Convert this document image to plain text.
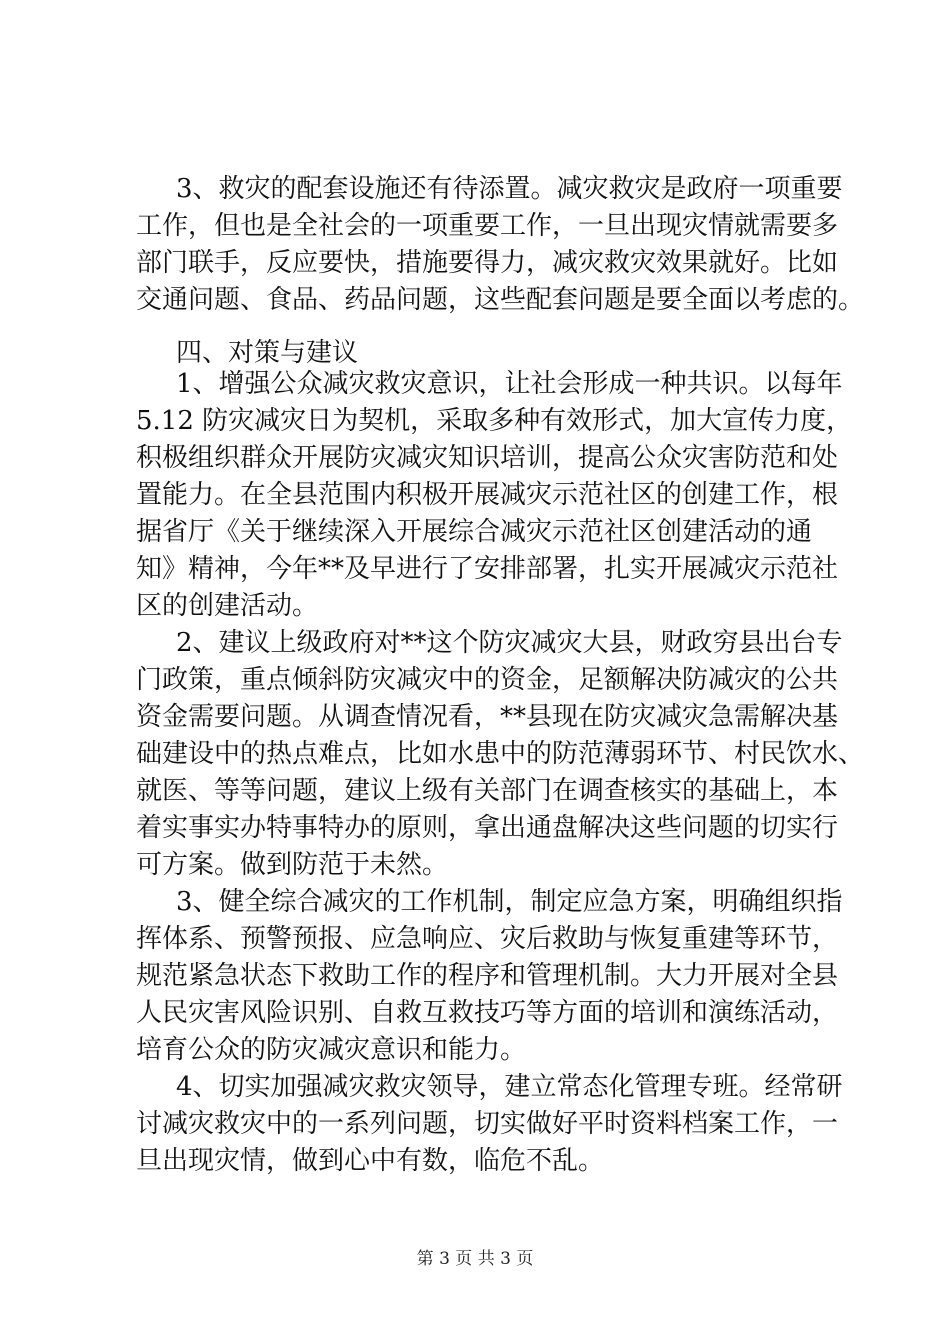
3、救灾的配套设施还有待添置。减灾救灾是政府一项重要
工作，但也是全社会的一项重要工作，一旦出现灾情就需要多
部门联手，反应要快，措施要得力，减灾救灾效果就好。比如
交通问题、食品、药品问题，这些配套问题是要全面以考虑的。
四、对策与建议
1、增强公众减灾救灾意识，让社会形成一种共识。以每年
5.12 防灾减灾日为契机，采取多种有效形式，加大宣传力度，
积极组织群众开展防灾减灾知识培训，提高公众灾害防范和处
置能力。在全县范围内积极开展减灾示范社区的创建工作，根
据省厅《关于继续深入开展综合减灾示范社区创建活动的通
知》精神，今年**及早进行了安排部署，扎实开展减灾示范社
区的创建活动。
2、建议上级政府对**这个防灾减灾大县，财政穷县出台专
门政策，重点倾斜防灾减灾中的资金，足额解决防减灾的公共
资金需要问题。从调查情况看，**县现在防灾减灾急需解决基
础建设中的热点难点，比如水患中的防范薄弱环节、村民饮水、
就医、等等问题，建议上级有关部门在调查核实的基础上，本
着实事实办特事特办的原则，拿出通盘解决这些问题的切实行
可方案。做到防范于未然。
3、健全综合减灾的工作机制，制定应急方案，明确组织指
挥体系、预警预报、应急响应、灾后救助与恢复重建等环节，
规范紧急状态下救助工作的程序和管理机制。大力开展对全县
人民灾害风险识别、自救互救技巧等方面的培训和演练活动，
培育公众的防灾减灾意识和能力。
4、切实加强减灾救灾领导，建立常态化管理专班。经常研
讨减灾救灾中的一系列问题，切实做好平时资料档案工作，一
旦出现灾情，做到心中有数，临危不乱。
第 3 页 共 3 页
